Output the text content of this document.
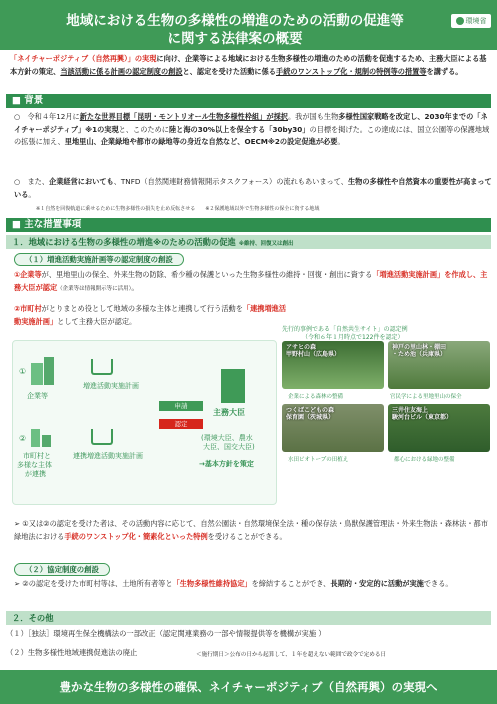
地域における生物の多様性の増進のための活動の促進等
に関する法律案の概要
環境省
「ネイチャーポジティブ（自然再興）」の実現に向け、企業等による地域における生物多様性の増進のための活動を促進するため、主務大臣による基本方針の策定、当該活動に係る計画の認定制度の創設と、認定を受けた活動に係る手続のワンストップ化・規制の特例等の措置等を講ずる。
■ 背景
○　令和４年12月に新たな世界目標「昆明・モントリオール生物多様性枠組」が採択。我が国も生物多様性国家戦略を改定し、2030年までの「ネイチャーポジティブ」※1の実現と、このために陸と海の30%以上を保全する「30by30」の目標を掲げた。この達成には、国立公園等の保護地域の拡張に加え、里地里山、企業緑地や都市の緑地等の身近な自然など、OECM※2の設定促進が必要。
○　また、企業経営においても、TNFD（自然関連財務情報開示タスクフォース）の流れもあいまって、生物の多様性や自然資本の重要性が高まっている。
※１自然を回復軌道に乗せるために生物多様性の損失を止め反転させる　　※２保護地域以外で生物多様性の保全に資する地域
■ 主な措置事項
１．地域における生物の多様性の増進※のための活動の促進 ※維持、回復又は創出
（１）増進活動実施計画等の認定制度の創設
①企業等が、里地里山の保全、外来生物の防除、希少種の保護といった生物多様性の維持・回復・創出に資する「増進活動実施計画」を作成し、主務大臣が認定（企業等は情報開示等に活用）。
②市町村がとりまとめ役として地域の多様な主体と連携して行う活動を「連携増進活動実施計画」として主務大臣が認定。
①
企業等
増進活動実施計画
②
市町村と
多様な主体
が連携
連携増進活動実施計画
申請
認定
主務大臣
(環境大臣、農水
大臣、国交大臣)
→基本方針を策定
先行的事例である「自然共生サイト」の認定例
（令和６年１月時点で122件を認定）
アサヒの森
甲野村山（広島県）
企業による森林の整備
神戸の里山林・棚田
・ため池（兵庫県）
官民学による里地里山の保全
つくばこどもの森
保育園（茨城県）
水田ビオトープの田植え
三井住友海上
駿河台ビル（東京都）
都心における緑地の整備
➢ ①又は②の認定を受けた者は、その活動内容に応じて、自然公園法・自然環境保全法・種の保存法・鳥獣保護管理法・外来生物法・森林法・都市緑地法における手続のワンストップ化・簡素化といった特例を受けることができる。
（２）協定制度の創設
➢ ②の認定を受けた市町村等は、土地所有者等と「生物多様性維持協定」を締結することができ、長期的・安定的に活動が実施できる。
２．その他
（１）［独法］環境再生保全機構法の一部改正（認定関連業務の一部や情報提供等を機構が実施 ）
（２）生物多様性地域連携促進法の廃止	＜施行期日＞公布の日から起算して、１年を超えない範囲で政令で定める日
豊かな生物の多様性の確保、ネイチャーポジティブ（自然再興）の実現へ
